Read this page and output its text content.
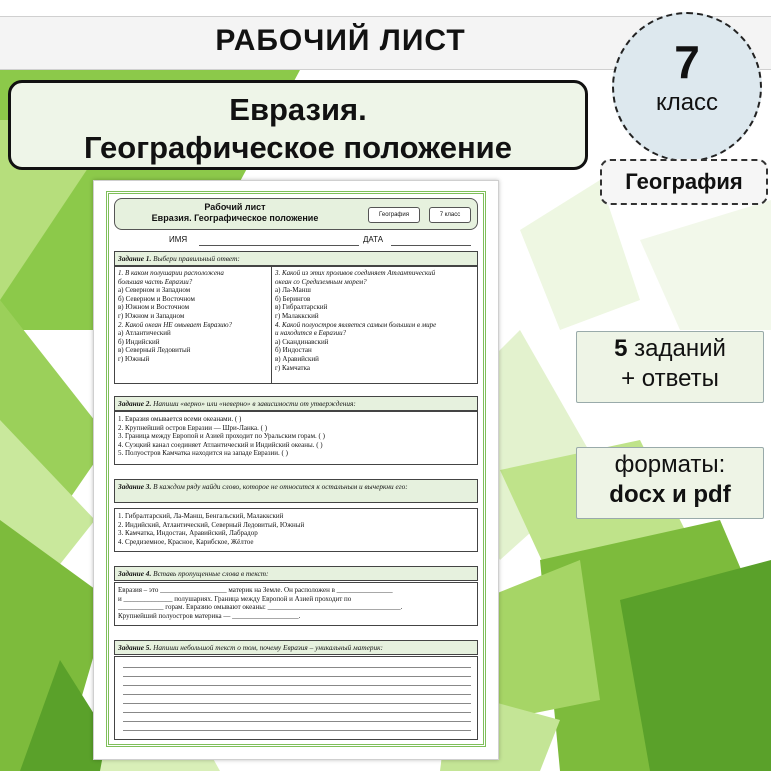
РАБОЧИЙ ЛИСТ
Евразия.
Географическое положение
7
класс
География
5 заданий
+ ответы
форматы:
docx и pdf
Рабочий лист
Евразия. Географическое положение	География	7 класс
ИМЯ	ДАТА
Задание 1. Выбери правильный ответ:

1. В каком полушарии расположена

большая часть Евразии?

а) Северном и Западном

б) Северном и Восточном

в) Южном и Восточном

г) Южном и Западном

2. Какой океан НЕ омывает Евразию?

а) Атлантический

б) Индийский

в) Северный Ледовитый

г) Южный

3. Какой из этих проливов соединяет Атлантический

океан со Средиземным морем?

а) Ла-Манш

б) Берингов

в) Гибралтарский

г) Малаккский

4. Какой полуостров является самым большим в мире

и находится в Евразии?

а) Скандинавский

б) Индостан

в) Аравийский

г) Камчатка

Задание 2. Напиши «верно» или «неверно» в зависимости от утверждения:

1. Евразия омывается всеми океанами. ( )

2. Крупнейший остров Евразии — Шри-Ланка. ( )

3. Граница между Европой и Азией проходит по Уральским горам. ( )

4. Суэцкий канал соединяет Атлантический и Индийский океаны. ( )

5. Полуостров Камчатка находится на западе Евразии. ( )

Задание 3. В каждом ряду найди слово, которое не относится к остальным и вычеркни его:

1. Гибралтарский, Ла-Манш, Бенгальский, Малаккский

2. Индийский, Атлантический, Северный Ледовитый, Южный

3. Камчатка, Индостан, Аравийский, Лабрадор

4. Средиземное, Красное, Карибское, Жёлтое

Задание 4. Вставь пропущенные слова в текст:

Евразия – это ___________________ материк на Земле. Он расположен в ________________

и ______________ полушариях. Граница между Европой и Азией проходит по

_____________ горам. Евразию омывают океаны: ______________________________________.

Крупнейший полуостров материка — ___________________.

Задание 5. Напиши небольшой текст о том, почему Евразия – уникальный материк:
